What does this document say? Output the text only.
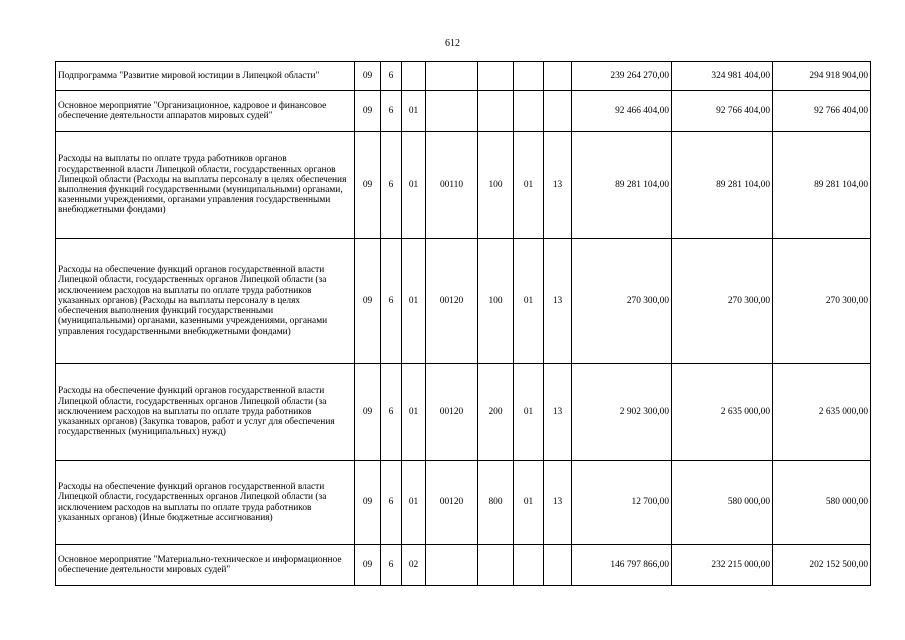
612
Подпрограмма "Развитие мировой юстиции в Липецкой области"	09	6						239 264 270,00	324 981 404,00	294 918 904,00
Основное мероприятие "Организационное, кадровое и финансовое обеспечение деятельности аппаратов мировых судей"	09	6	01					92 466 404,00	92 766 404,00	92 766 404,00
Расходы на выплаты по оплате труда работников органов государственной власти Липецкой области, государственных органов Липецкой области (Расходы на выплаты персоналу в целях обеспечения выполнения функций государственными (муниципальными) органами, казенными учреждениями, органами управления государственными внебюджетными фондами)	09	6	01	00110	100	01	13	89 281 104,00	89 281 104,00	89 281 104,00
Расходы на обеспечение функций органов государственной власти Липецкой области, государственных органов Липецкой области (за исключением расходов на выплаты по оплате труда работников указанных органов) (Расходы на выплаты персоналу в целях обеспечения выполнения функций государственными (муниципальными) органами, казенными учреждениями, органами управления государственными внебюджетными фондами)	09	6	01	00120	100	01	13	270 300,00	270 300,00	270 300,00
Расходы на обеспечение функций органов государственной власти Липецкой области, государственных органов Липецкой области (за исключением расходов на выплаты по оплате труда работников указанных органов) (Закупка товаров, работ и услуг для обеспечения государственных (муниципальных) нужд)	09	6	01	00120	200	01	13	2 902 300,00	2 635 000,00	2 635 000,00
Расходы на обеспечение функций органов государственной власти Липецкой области, государственных органов Липецкой области (за исключением расходов на выплаты по оплате труда работников указанных органов) (Иные бюджетные ассигнования)	09	6	01	00120	800	01	13	12 700,00	580 000,00	580 000,00
Основное мероприятие "Материально-техническое и информационное обеспечение деятельности мировых судей"	09	6	02					146 797 866,00	232 215 000,00	202 152 500,00
